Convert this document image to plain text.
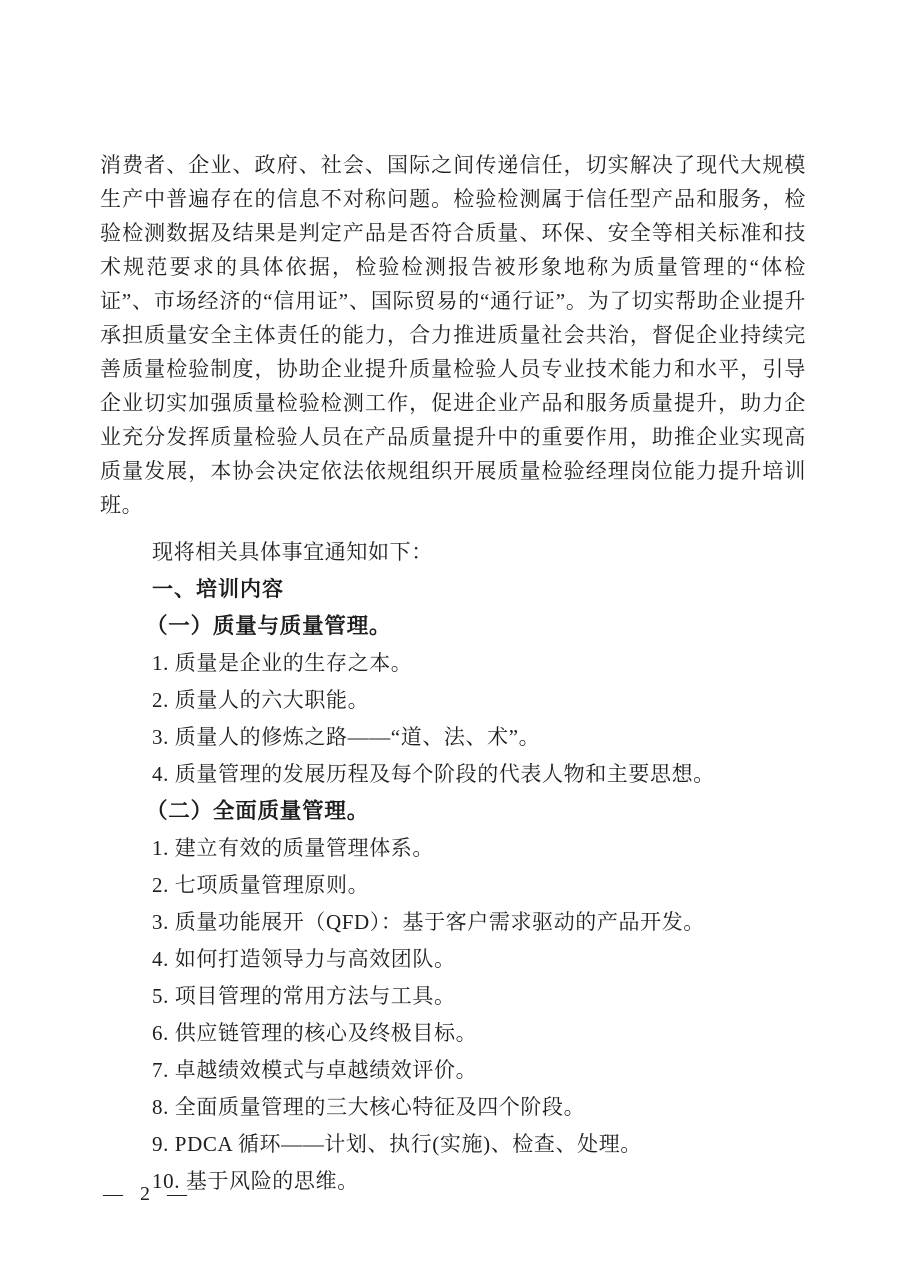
消费者、企业、政府、社会、国际之间传递信任，切实解决了现代大规模生产中普遍存在的信息不对称问题。检验检测属于信任型产品和服务，检验检测数据及结果是判定产品是否符合质量、环保、安全等相关标准和技术规范要求的具体依据，检验检测报告被形象地称为质量管理的“体检证”、市场经济的“信用证”、国际贸易的“通行证”。为了切实帮助企业提升承担质量安全主体责任的能力，合力推进质量社会共治，督促企业持续完善质量检验制度，协助企业提升质量检验人员专业技术能力和水平，引导企业切实加强质量检验检测工作，促进企业产品和服务质量提升，助力企业充分发挥质量检验人员在产品质量提升中的重要作用，助推企业实现高质量发展，本协会决定依法依规组织开展质量检验经理岗位能力提升培训班。

现将相关具体事宜通知如下：

一、培训内容
（一）质量与质量管理。
1. 质量是企业的生存之本。
2. 质量人的六大职能。
3. 质量人的修炼之路——“道、法、术”。
4. 质量管理的发展历程及每个阶段的代表人物和主要思想。
（二）全面质量管理。
1. 建立有效的质量管理体系。
2. 七项质量管理原则。
3. 质量功能展开（QFD）：基于客户需求驱动的产品开发。
4. 如何打造领导力与高效团队。
5. 项目管理的常用方法与工具。
6. 供应链管理的核心及终极目标。
7. 卓越绩效模式与卓越绩效评价。
8. 全面质量管理的三大核心特征及四个阶段。
9. PDCA 循环——计划、执行(实施)、检查、处理。
10. 基于风险的思维。
— 2 —
